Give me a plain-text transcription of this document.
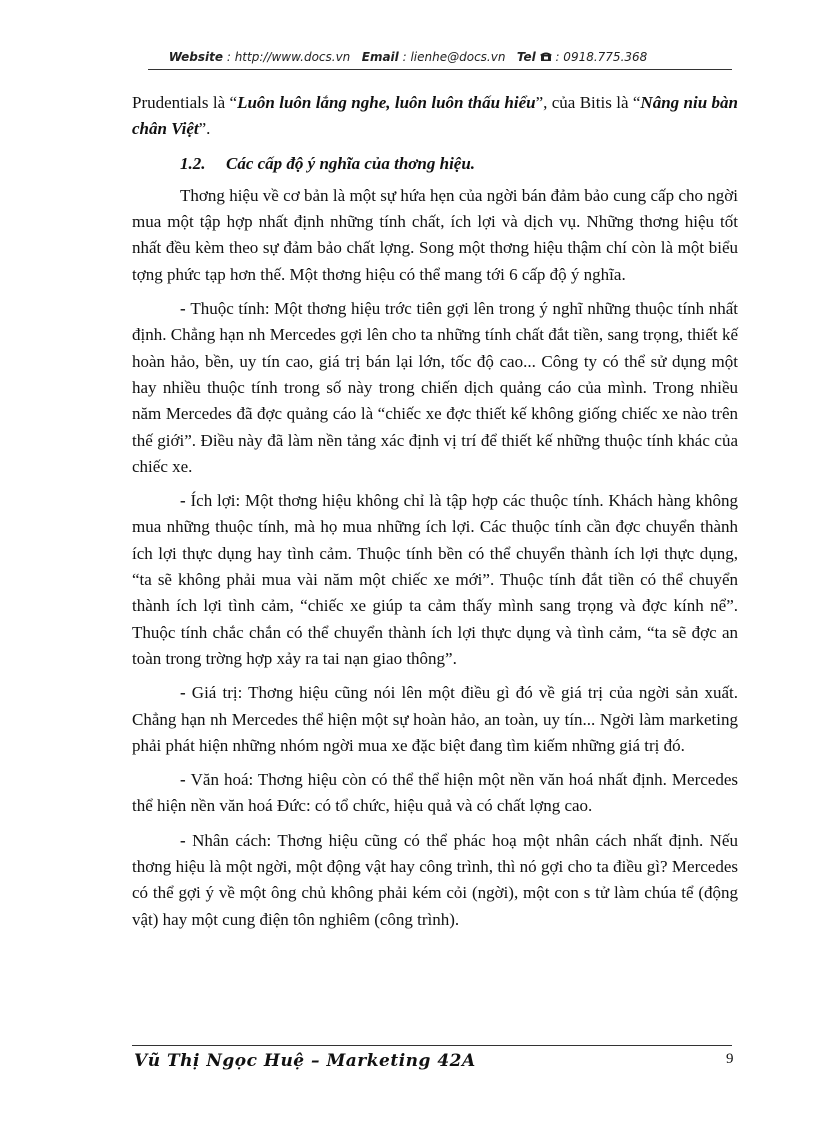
Website : http://www.docs.vn Email : lienhe@docs.vn Tel : 0918.775.368

Prudentials là “Luôn luôn lắng nghe, luôn luôn thấu hiểu”, của Bitis là “Nâng niu bàn chân Việt”.

1.2. Các cấp độ ý nghĩa của thơng hiệu.

Thơng hiệu về cơ bản là một sự hứa hẹn của ngời bán đảm bảo cung cấp cho ngời mua một tập hợp nhất định những tính chất, ích lợi và dịch vụ. Những thơng hiệu tốt nhất đều kèm theo sự đảm bảo chất lợng. Song một thơng hiệu thậm chí còn là một biểu tợng phức tạp hơn thế. Một thơng hiệu có thể mang tới 6 cấp độ ý nghĩa.

- Thuộc tính: Một thơng hiệu trớc tiên gợi lên trong ý nghĩ những thuộc tính nhất định. Chẳng hạn nh Mercedes gợi lên cho ta những tính chất đắt tiền, sang trọng, thiết kế hoàn hảo, bền, uy tín cao, giá trị bán lại lớn, tốc độ cao... Công ty có thể sử dụng một hay nhiều thuộc tính trong số này trong chiến dịch quảng cáo của mình. Trong nhiều năm Mercedes đã đợc quảng cáo là “chiếc xe đợc thiết kế không giống chiếc xe nào trên thế giới”. Điều này đã làm nền tảng xác định vị trí để thiết kế những thuộc tính khác của chiếc xe.

- Ích lợi: Một thơng hiệu không chỉ là tập hợp các thuộc tính. Khách hàng không mua những thuộc tính, mà họ mua những ích lợi. Các thuộc tính cần đợc chuyển thành ích lợi thực dụng hay tình cảm. Thuộc tính bền có thể chuyển thành ích lợi thực dụng, “ta sẽ không phải mua vài năm một chiếc xe mới”. Thuộc tính đắt tiền có thể chuyển thành ích lợi tình cảm, “chiếc xe giúp ta cảm thấy mình sang trọng và đợc kính nể”. Thuộc tính chắc chắn có thể chuyển thành ích lợi thực dụng và tình cảm, “ta sẽ đợc an toàn trong trờng hợp xảy ra tai nạn giao thông”.

- Giá trị: Thơng hiệu cũng nói lên một điều gì đó về giá trị của ngời sản xuất. Chẳng hạn nh Mercedes thể hiện một sự hoàn hảo, an toàn, uy tín... Ngời làm marketing phải phát hiện những nhóm ngời mua xe đặc biệt đang tìm kiếm những giá trị đó.

- Văn hoá: Thơng hiệu còn có thể thể hiện một nền văn hoá nhất định. Mercedes thể hiện nền văn hoá Đức: có tổ chức, hiệu quả và có chất lợng cao.

- Nhân cách: Thơng hiệu cũng có thể phác hoạ một nhân cách nhất định. Nếu thơng hiệu là một ngời, một động vật hay công trình, thì nó gợi cho ta điều gì? Mercedes có thể gợi ý về một ông chủ không phải kém cỏi (ngời), một con s tử làm chúa tể (động vật) hay một cung điện tôn nghiêm (công trình).

Vũ Thị Ngọc Huệ – Marketing 42A	9
